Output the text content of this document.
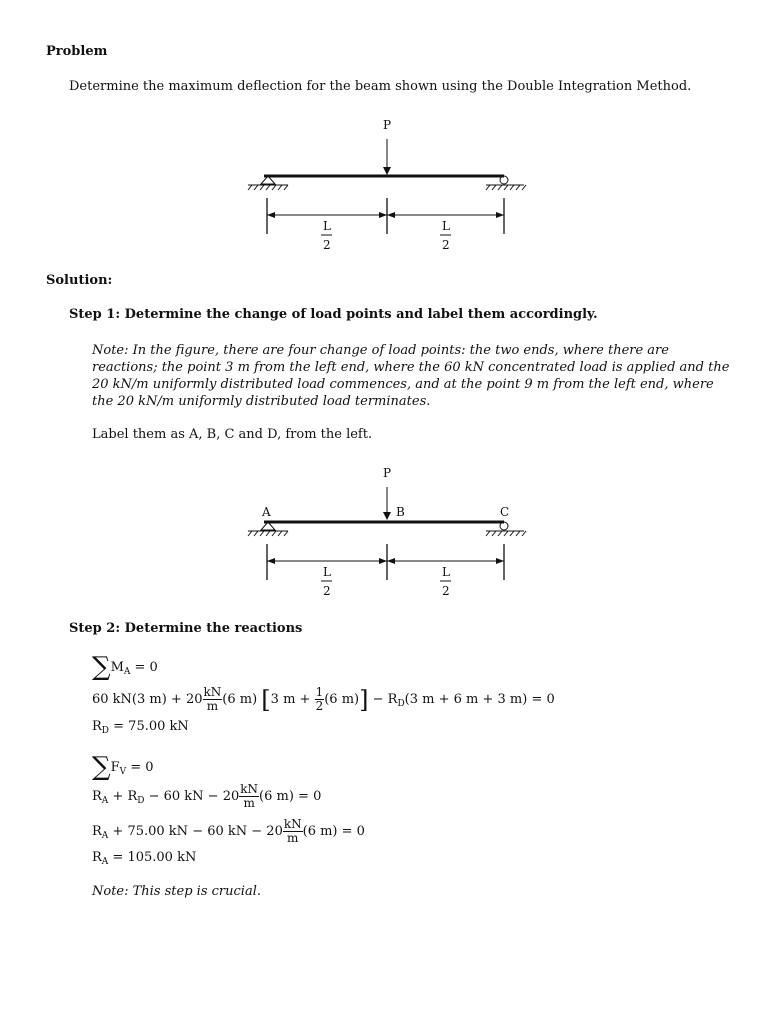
Problem
Determine the maximum deflection for the beam shown using the Double Integration Method.
P
L
2
L
2
Solution:
Step 1: Determine the change of load points and label them accordingly.
Note: In the figure, there are four change of load points: the two ends, where there are reactions; the point 3 m from the left end, where the 60 kN concentrated load is applied and the 20 kN/m uniformly distributed load commences, and at the point 9 m from the left end, where the 20 kN/m uniformly distributed load terminates.
Label them as A, B, C and D, from the left.
P
A	B	C
L
2
L
2
Step 2: Determine the reactions
$\sum M_A = 0$
60 kN(3 $m) + 20 \frac{kN}{m} (6$ m) [3 $m + \frac{1}{2} (6$ $m)] - R_D(3$ m + 6 m + 3 m) = 0
$R_D = 75.00$ kN
$\sum F_V = 0$
$R_A + R_D - 60$ kN − $20 \frac{kN}{m} (6$ m) = 0
$R_A + 75.00$ kN − 60 kN − $20 \frac{kN}{m} (6$ m) = 0
$R_A = 105.00$ kN
Note: This step is crucial.
